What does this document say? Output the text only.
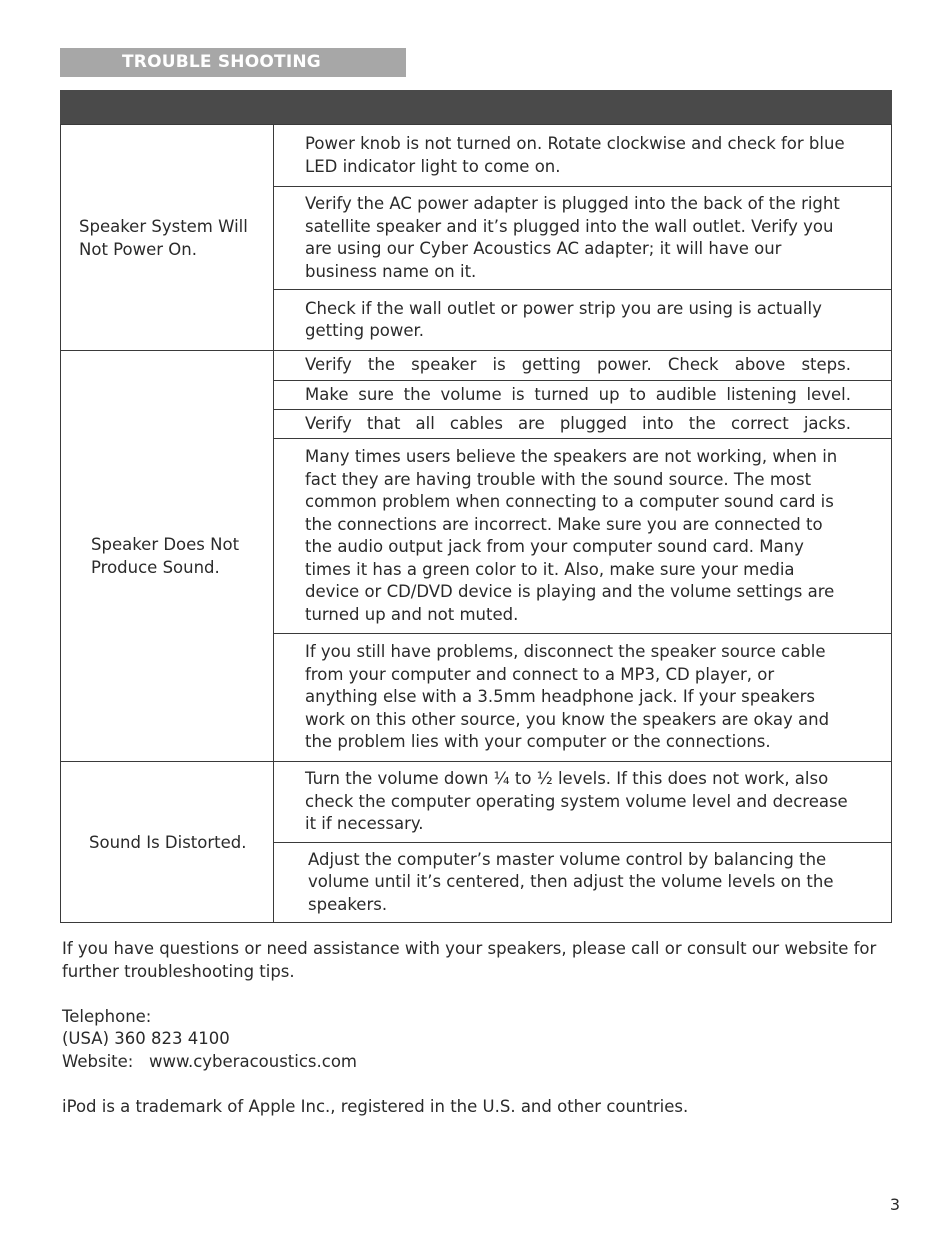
TROUBLE SHOOTING
Speaker System Will Not Power On.	Power knob is not turned on. Rotate clockwise and check for blue LED indicator light to come on.
	Verify the AC power adapter is plugged into the back of the right satellite speaker and it’s plugged into the wall outlet. Verify you are using our Cyber Acoustics AC adapter; it will have our business name on it.
	Check if the wall outlet or power strip you are using is actually getting power.
Speaker Does Not Produce Sound.	Verify the speaker is getting power. Check above steps.
	Make sure the volume is turned up to audible listening level.
	Verify that all cables are plugged into the correct jacks.
	Many times users believe the speakers are not working, when in fact they are having trouble with the sound source. The most common problem when connecting to a computer sound card is the connections are incorrect. Make sure you are connected to the audio output jack from your computer sound card. Many times it has a green color to it. Also, make sure your media device or CD/DVD device is playing and the volume settings are turned up and not muted.
	If you still have problems, disconnect the speaker source cable from your computer and connect to a MP3, CD player, or anything else with a 3.5mm headphone jack. If your speakers work on this other source, you know the speakers are okay and the problem lies with your computer or the connections.
Sound Is Distorted.	Turn the volume down ¼ to ½ levels. If this does not work, also check the computer operating system volume level and decrease it if necessary.
	Adjust the computer’s master volume control by balancing the volume until it’s centered, then adjust the volume levels on the speakers.

If you have questions or need assistance with your speakers, please call or consult our website for further troubleshooting tips.

Telephone:
(USA) 360 823 4100
Website: www.cyberacoustics.com

iPod is a trademark of Apple Inc., registered in the U.S. and other countries.

3
